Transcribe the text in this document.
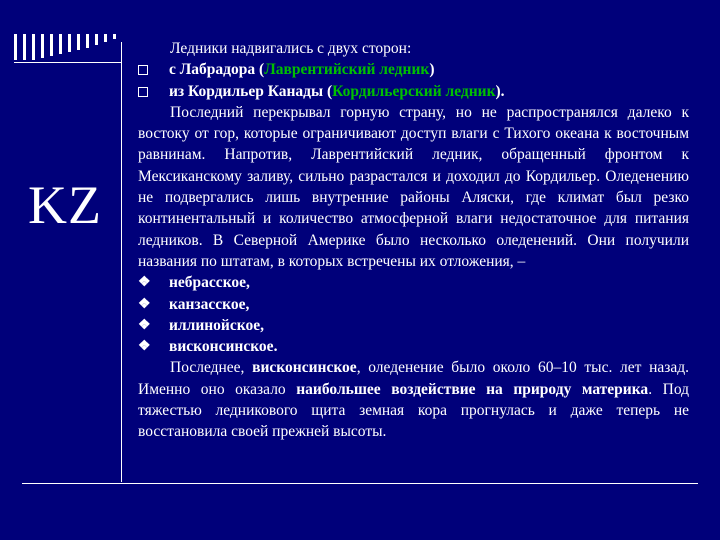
KZ
Ледники надвигались с двух сторон:
с Лабрадора (Лаврентийский ледник)
из Кордильер Канады (Кордильерский ледник).
Последний перекрывал горную страну, но не распространялся далеко к востоку от гор, которые ограничивают доступ влаги с Тихого океана к восточным равнинам. Напротив, Лаврентийский ледник, обращенный фронтом к Мексиканскому заливу, сильно разрастался и доходил до Кордильер. Оледенению не подвергались лишь внутренние районы Аляски, где климат был резко континентальный и количество атмосферной влаги недостаточное для питания ледников. В Северной Америке было несколько оледенений. Они получили названия по штатам, в которых встречены их отложения, –
❖ небрасское,
❖ канзасское,
❖ иллинойское,
❖ висконсинское.
Последнее, висконсинское, оледенение было около 60–10 тыс. лет назад. Именно оно оказало наибольшее воздействие на природу материка. Под тяжестью ледникового щита земная кора прогнулась и даже теперь не восстановила своей прежней высоты.
